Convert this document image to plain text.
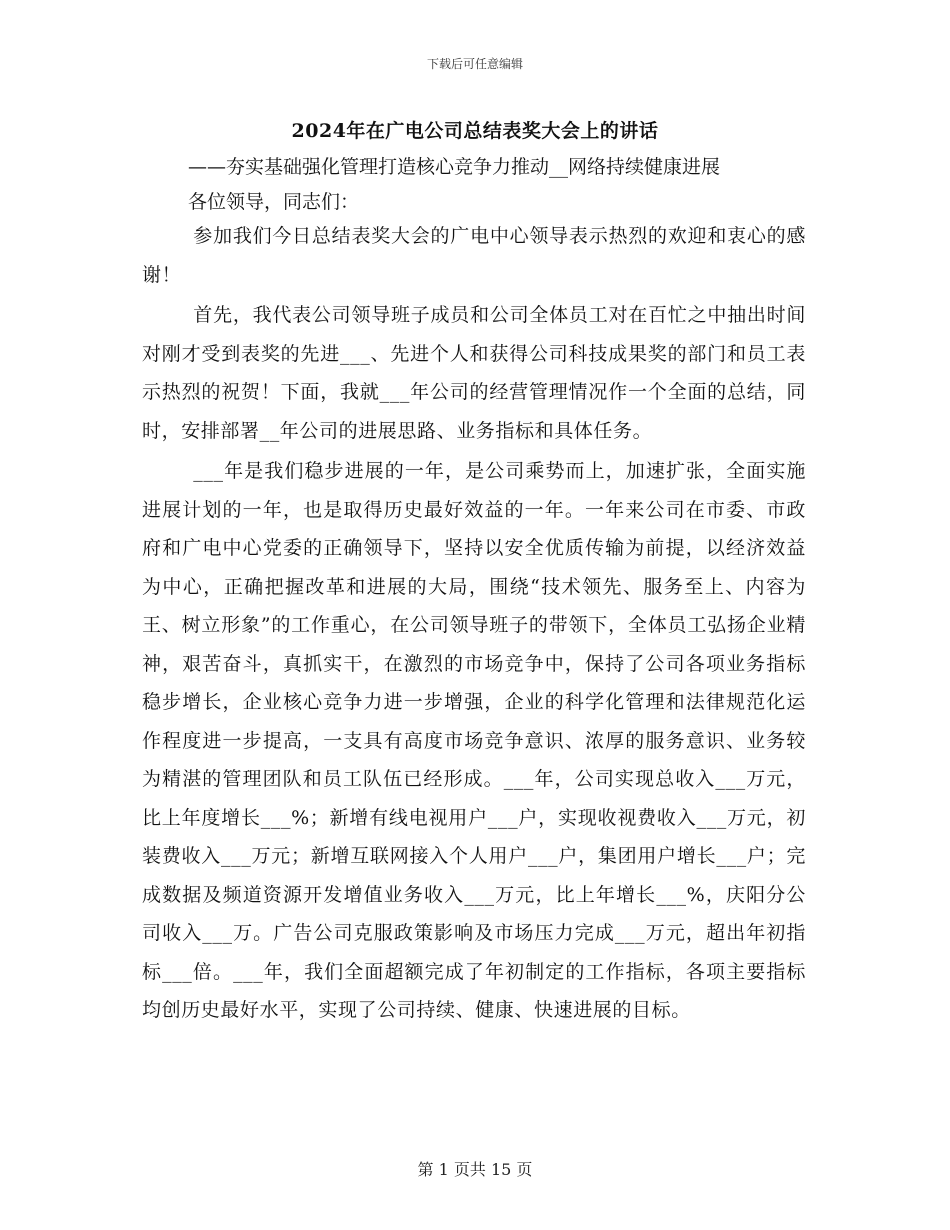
下载后可任意编辑
2024年在广电公司总结表奖大会上的讲话
——夯实基础强化管理打造核心竞争力推动__网络持续健康进展
各位领导，同志们：

参加我们今日总结表奖大会的广电中心领导表示热烈的欢迎和衷心的感谢！

首先，我代表公司领导班子成员和公司全体员工对在百忙之中抽出时间对刚才受到表奖的先进___、先进个人和获得公司科技成果奖的部门和员工表示热烈的祝贺！下面，我就___年公司的经营管理情况作一个全面的总结，同时，安排部署__年公司的进展思路、业务指标和具体任务。

___年是我们稳步进展的一年，是公司乘势而上，加速扩张，全面实施进展计划的一年，也是取得历史最好效益的一年。一年来公司在市委、市政府和广电中心党委的正确领导下，坚持以安全优质传输为前提，以经济效益为中心，正确把握改革和进展的大局，围绕“技术领先、服务至上、内容为王、树立形象”的工作重心，在公司领导班子的带领下，全体员工弘扬企业精神，艰苦奋斗，真抓实干，在激烈的市场竞争中，保持了公司各项业务指标稳步增长，企业核心竞争力进一步增强，企业的科学化管理和法律规范化运作程度进一步提高，一支具有高度市场竞争意识、浓厚的服务意识、业务较为精湛的管理团队和员工队伍已经形成。___年，公司实现总收入___万元，比上年度增长___%；新增有线电视用户___户，实现收视费收入___万元，初装费收入___万元；新增互联网接入个人用户___户，集团用户增长___户；完成数据及频道资源开发增值业务收入___万元，比上年增长___%，庆阳分公司收入___万。广告公司克服政策影响及市场压力完成___万元，超出年初指标___倍。___年，我们全面超额完成了年初制定的工作指标，各项主要指标均创历史最好水平，实现了公司持续、健康、快速进展的目标。

第 1 页共 15 页
